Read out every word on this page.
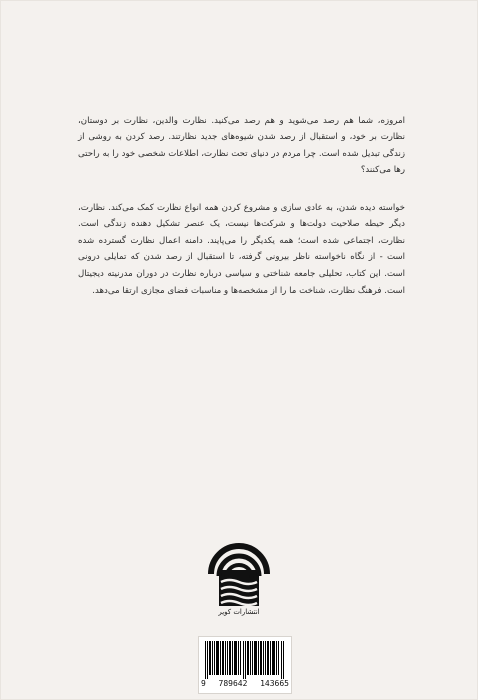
امروزه، شما هم رصد می‌شوید و هم رصد می‌کنید. نظارت والدین، نظارت بر دوستان، نظارت بر خود، و استقبال از رصد شدن شیوه‌های جدید نظارتند. رصد کردن به روشی از زندگی تبدیل شده است. چرا مردم در دنیای تحت نظارت، اطلاعات شخصی خود را به راحتی رها می‌کنند؟

خواسته دیده شدن، به عادی سازی و مشروع کردن همه انواع نظارت کمک می‌کند. نظارت، دیگر حیطه صلاحیت دولت‌ها و شرکت‌ها نیست، یک عنصر تشکیل دهنده زندگی است. نظارت، اجتماعی شده است؛ همه یکدیگر را می‌پایند. دامنه اعمال نظارت گسترده شده است - از نگاه ناخواسته ناظر بیرونی گرفته، تا استقبال از رصد شدن که تمایلی درونی است. این کتاب، تحلیلی جامعه شناختی و سیاسی درباره نظارت در دوران مدرنیته دیجیتال است. فرهنگ نظارت، شناخت ما را از مشخصه‌ها و مناسبات فضای مجازی ارتقا می‌دهد.

انتشارات کویر
9 789642 143665
